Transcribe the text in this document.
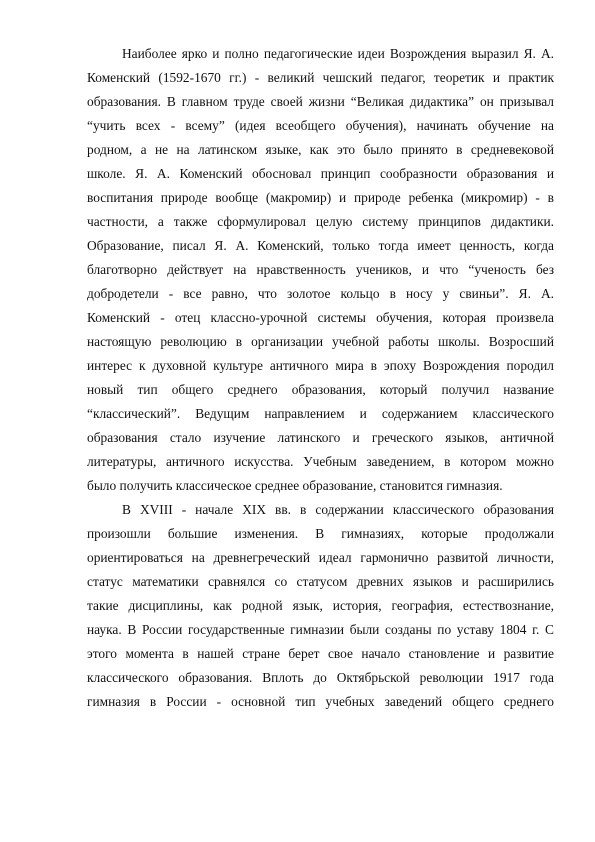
Наиболее ярко и полно педагогические идеи Возрождения выразил Я. А.
Коменский (1592-1670 гг.) - великий чешский педагог, теоретик и практик
образования. В главном труде своей жизни “Великая дидактика” он призывал
“учить всех - всему” (идея всеобщего обучения), начинать обучение на
родном, а не на латинском языке, как это было принято в средневековой
школе. Я. А. Коменский обосновал принцип сообразности образования и
воспитания природе вообще (макромир) и природе ребенка (микромир) - в
частности, а также сформулировал целую систему принципов дидактики.
Образование, писал Я. А. Коменский, только тогда имеет ценность, когда
благотворно действует на нравственность учеников, и что “ученость без
добродетели - все равно, что золотое кольцо в носу у свиньи”. Я. А.
Коменский - отец классно-урочной системы обучения, которая произвела
настоящую революцию в организации учебной работы школы. Возросший
интерес к духовной культуре античного мира в эпоху Возрождения породил
новый тип общего среднего образования, который получил название
“классический”. Ведущим направлением и содержанием классического
образования стало изучение латинского и греческого языков, античной
литературы, античного искусства. Учебным заведением, в котором можно
было получить классическое среднее образование, становится гимназия.
В XVIII - начале XIX вв. в содержании классического образования
произошли большие изменения. В гимназиях, которые продолжали
ориентироваться на древнегреческий идеал гармонично развитой личности,
статус математики сравнялся со статусом древних языков и расширились
такие дисциплины, как родной язык, история, география, естествознание,
наука. В России государственные гимназии были созданы по уставу 1804 г. С
этого момента в нашей стране берет свое начало становление и развитие
классического образования. Вплоть до Октябрьской революции 1917 года
гимназия в России - основной тип учебных заведений общего среднего
